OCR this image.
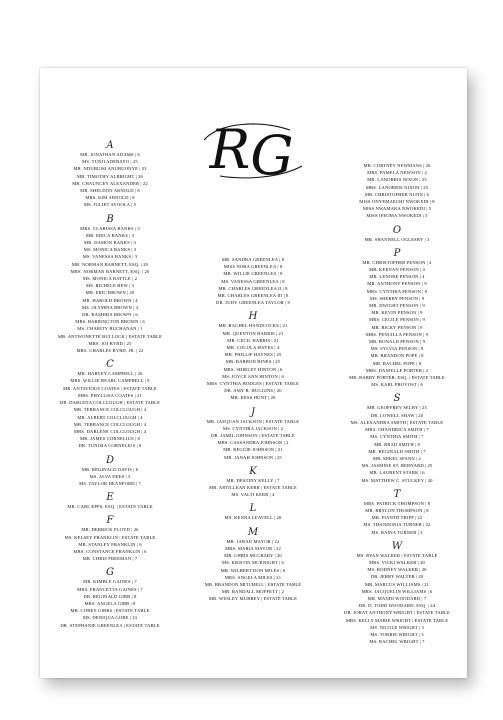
R G
A
MR. JONATHAN ADAMS | 6
MS. TUNJI ADEBAYO | 25
MR. NDUBUISI ANUBUONYE | 23
MR. TIMOTHY ALBRIGHT | 26
MR. CHAUNCEY ALEXANDER | 22
MR. SHELDON ARNOLD | 8
MRS. KIM ARNOLD | 8
MS. JULIET AYOOLA | 5
B
MRS. CLARISSA BANKS | 3
MR. ERICA BANKS | 3
MR. DAMON BANKS | 3
MS. MONICA BANKS | 3
MS. VANESSA BANKS | 3
MR. NORMAN BARNETT, ESQ. | 20
MRS. NORMAN BARNETT, ESQ. | 20
MS. MONICA BATTLE | 2
MS. RICHELE BEW | 3
MR. ERIC BROWN | 20
MR. HAROLD BROWN | 4
MS. OLYMPIA BROWN | 4
DR. RASHIDA BROWN | 6
MRS. BARRINGTON BROWN | 6
MS. CHARITY BUCHANAN | 1
MR. ANTWONETTE BULLOCK | ESTATE TABLE
MRS. JOI BYRD | 25
MRS. CHARLES BYRD, JR. | 22
C
MR. HARVEY CAMPBELL | 26
MRS. WILLIE BEARL CAMPBELL | 9
MR. ANTAVIOUS COATES | ESTATE TABLE
MRS. PHYLLISA COATES | 21
DR. DARLENA COLCLOUGH | ESTATE TABLE
MR. TERRANCE COLCLOUGH | 4
MR. ALBERT COLCLOUGH | 4
MR. TERRANCE COLCLOUGH | 4
MRS. DARLENE COLCLOUGH | 4
MR. JAMES CORNELIUS | 8
DR. TUNISIA CORNELIUS | 8
D
MR. REGINALD DAVIS | 6
MS. ALVA DEES | 3
MS. TAYLOR DEANFORD | 7
E
MR. CARL EPPS, ESQ. | ESTATE TABLE
F
MR. DERRICK FLOYD | 26
MS. KELSEY FRANKLIN | ESTATE TABLE
MR. STANLEY FRANKLIN | 6
MRS. CONSTANCE FRANKLIN | 6
MR. CHRIS FREEMAN | 7
G
MR. KIMBLE GAINES | 7
MRS. FRANCETTA GAINES | 7
DR. REGINALD GIBB | 8
MRS. ANGELA GIBB | 8
MR. COREY GIBBS | ESTATE TABLE
MS. DENIQUA GORE | 23
DR. STEPHANIE GREENLEA | ESTATE TABLE
MR. SANDRA GREENLEA | 8
MISS NORA GREENLEA | 8
MR. WILLIE GREENLEA | 8
MS. VANESSA GREENLEA | 8
MR. CHARLES GREENLEA II | 8
MR. CHARLES GREENLEA III | 8
DR. JUDY GREENLEA TAYLOR | 8
H
MR. RACHEL HANDCOCKS | 21
MR. QUENTON HARRIS | 21
MR. CECIL HARRIS | 21
MR. COCOLA HAYES | 4
MR. PHILLIP HAYNES | 25
MR. BARRON HINES | 25
MRS. SHIRLEY HINTON | 6
MS. JOYCE ANN HINTON | 6
MRS. CYNTHIA HODGES | ESTATE TABLE
DR. AMY R. HUGGINS | 20
MR. KESS HUNT | 20
J
MR. JAEQUAN JACKSON | ESTATE TABLE
MS. CYNTHIA JACKSON | 2
DR. JAMIL JOHNSON | ESTATE TABLE
MRS. CASSANDRA JOHNSON | 2
MR. REGGIE JOHNSON | 21
MR. JANAH JOHNSON | 25
K
MR. DESTINY KELLY | 7
MR. ARTILLEAN KERR | ESTATE TABLE
MS. VALTI KERR | 4
L
MS. KENNA LEAVELL | 20
M
MR. JARAD MAYOR | 22
MRS. MARIA MAYOR | 22
MR. CHRIS MCCRARY | 20
MS. KRISTIN MCKNIGHT | 6
MR. WILBERT DON MILES | 6
MRS. ANGELA MILES | 21
MR. BRANDON MITCHELL | ESTATE TABLE
MR. RANDALL MOFFETT | 2
MR. WESLEY MURREY | ESTATE TABLE
MR. CORTNEY NEWMANS | 26
MRS. PAMELA NEWSON | 2
MR. LANORRIS NIXON | 25
MRS. LANORRIS NIXON | 25
MR. CHRISTOPHER NUNN | 6
MISS ONYEMAECHI NWOKEDI | 8
MISS NWAMAKA NWOKEDI | 5
MISS IFEOMA NWOKEDI | 5
O
MR. SHANNELL OGLESBY | 3
P
MR. CHRISTOPHER PENSON | 4
MR. KEENAN PENSON | 4
MR. LENORE PENSON | 4
MR. ANTHONY PENSON | 9
MRS. CYNTHIA PENSON | 9
MS. SHERRY PENSON | 9
MR. DWIGHT PENSON | 9
MR. KEVIN PENSON | 9
MRS. CECILE PENSON | 9
MR. RICKY PENSON | 9
MRS. PENCILLA PENSON | 9
MR. RONALD PENSON | 9
MS. SYLVIA PENSON | 9
MR. BRANDON POPE | 8
MR. RACHEL POPE | 8
MRS. DANIELLE PORTER | 2
MR. BARRY PORTER, ESQ. | ESTATE TABLE
MS. KARL PROVOST | 6
S
MR. GEOFFREY SELBY | 25
DR. LOWELL SHAW | 20
MS. ALEXANDRA SMITH | ESTATE TABLE
MRS. CHANDRICA SMITH | 7
MS. CYNTHIA SMITH | 7
MR. BRAD SMITH | 8
MR. REGINALD SMITH | 7
MR. MIKEL SPANN | 2
MS. JASMINE ST. BERNARD | 25
MR. LAURENT STARK | 6
MS. MATTHEW C. STUCKEY | 20
T
MRS. PATRICK THOMPSON | 8
MR. BRYLON THOMPSON | 8
MR. FIANTH TRIPP | 22
MS. THANDONIA TURNER | 22
MS. RAINA TURNER | 3
W
MS. RYAN WALKER | ESTATE TABLE
MRS. VICKI WALKER | 20
MS. RODNEY WALKER | 20
DR. JERRY WALTER | 20
MR. MARCUS WILLIAMS | 21
MRS. JACQUELIN WILLIAMS | 6
MR. MANDI WOODARD | 7
DR. D. TODD WOODARD, ESQ. | 24
DR. JORAT ANTHONY WRIGHT | ESTATE TABLE
MRS. KELLY MARIE WRIGHT | ESTATE TABLE
MS. NICOLE WRIGHT | 3
MS. TORRIE WRIGHT | 3
MS. RACHEL WRIGHT | 7
